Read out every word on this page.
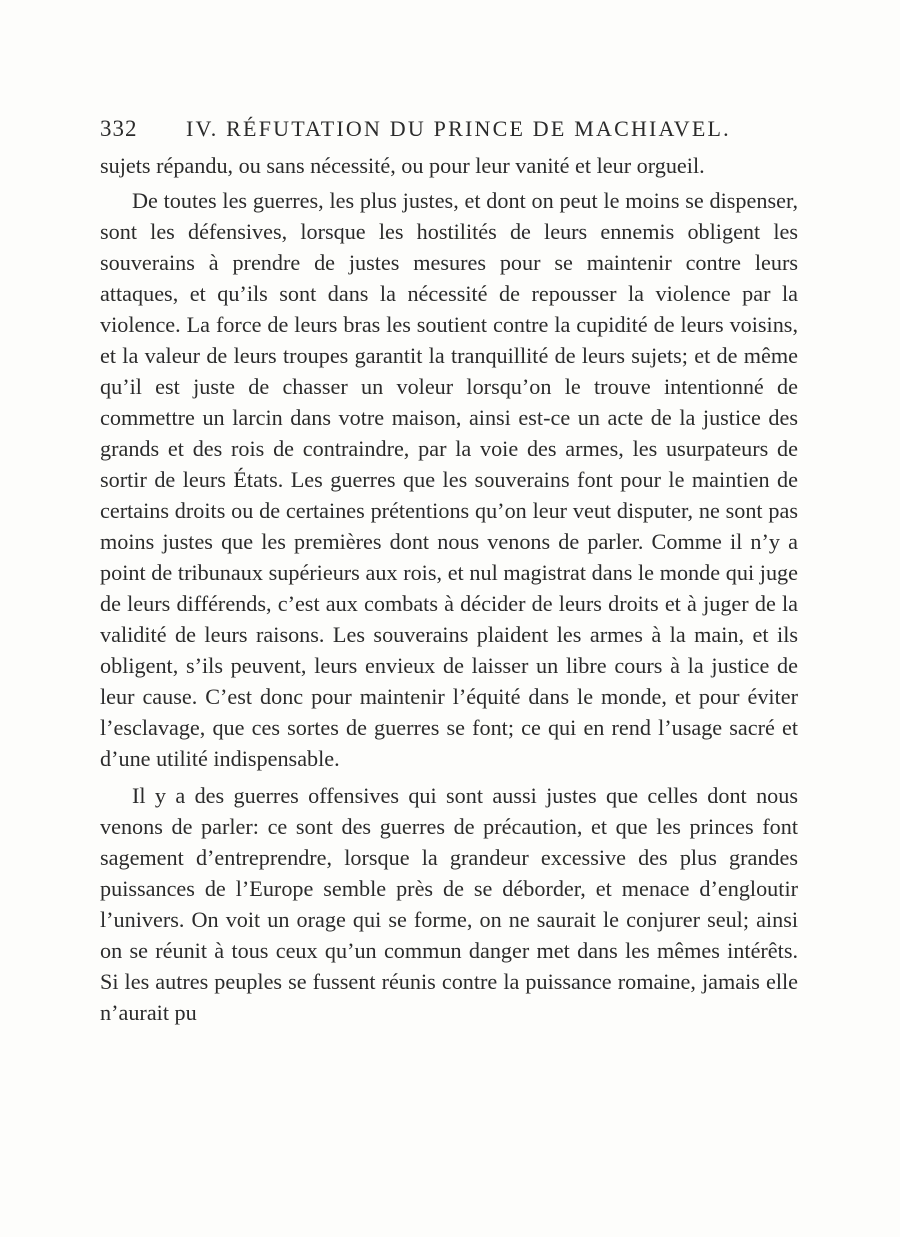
332	IV. RÉFUTATION DU PRINCE DE MACHIAVEL.

sujets répandu, ou sans nécessité, ou pour leur vanité et leur orgueil.

De toutes les guerres, les plus justes, et dont on peut le moins se dispenser, sont les défensives, lorsque les hostilités de leurs ennemis obligent les souverains à prendre de justes mesures pour se maintenir contre leurs attaques, et qu’ils sont dans la nécessité de repousser la violence par la violence. La force de leurs bras les soutient contre la cupidité de leurs voisins, et la valeur de leurs troupes garantit la tranquillité de leurs sujets; et de même qu’il est juste de chasser un voleur lorsqu’on le trouve intentionné de commettre un larcin dans votre maison, ainsi est-ce un acte de la justice des grands et des rois de contraindre, par la voie des armes, les usurpateurs de sortir de leurs États. Les guerres que les souverains font pour le maintien de certains droits ou de certaines prétentions qu’on leur veut disputer, ne sont pas moins justes que les premières dont nous venons de parler. Comme il n’y a point de tribunaux supérieurs aux rois, et nul magistrat dans le monde qui juge de leurs différends, c’est aux combats à décider de leurs droits et à juger de la validité de leurs raisons. Les souverains plaident les armes à la main, et ils obligent, s’ils peuvent, leurs envieux de laisser un libre cours à la justice de leur cause. C’est donc pour maintenir l’équité dans le monde, et pour éviter l’esclavage, que ces sortes de guerres se font; ce qui en rend l’usage sacré et d’une utilité indispensable.

Il y a des guerres offensives qui sont aussi justes que celles dont nous venons de parler: ce sont des guerres de précaution, et que les princes font sagement d’entreprendre, lorsque la grandeur excessive des plus grandes puissances de l’Europe semble près de se déborder, et menace d’engloutir l’univers. On voit un orage qui se forme, on ne saurait le conjurer seul; ainsi on se réunit à tous ceux qu’un commun danger met dans les mêmes intérêts. Si les autres peuples se fussent réunis contre la puissance romaine, jamais elle n’aurait pu
